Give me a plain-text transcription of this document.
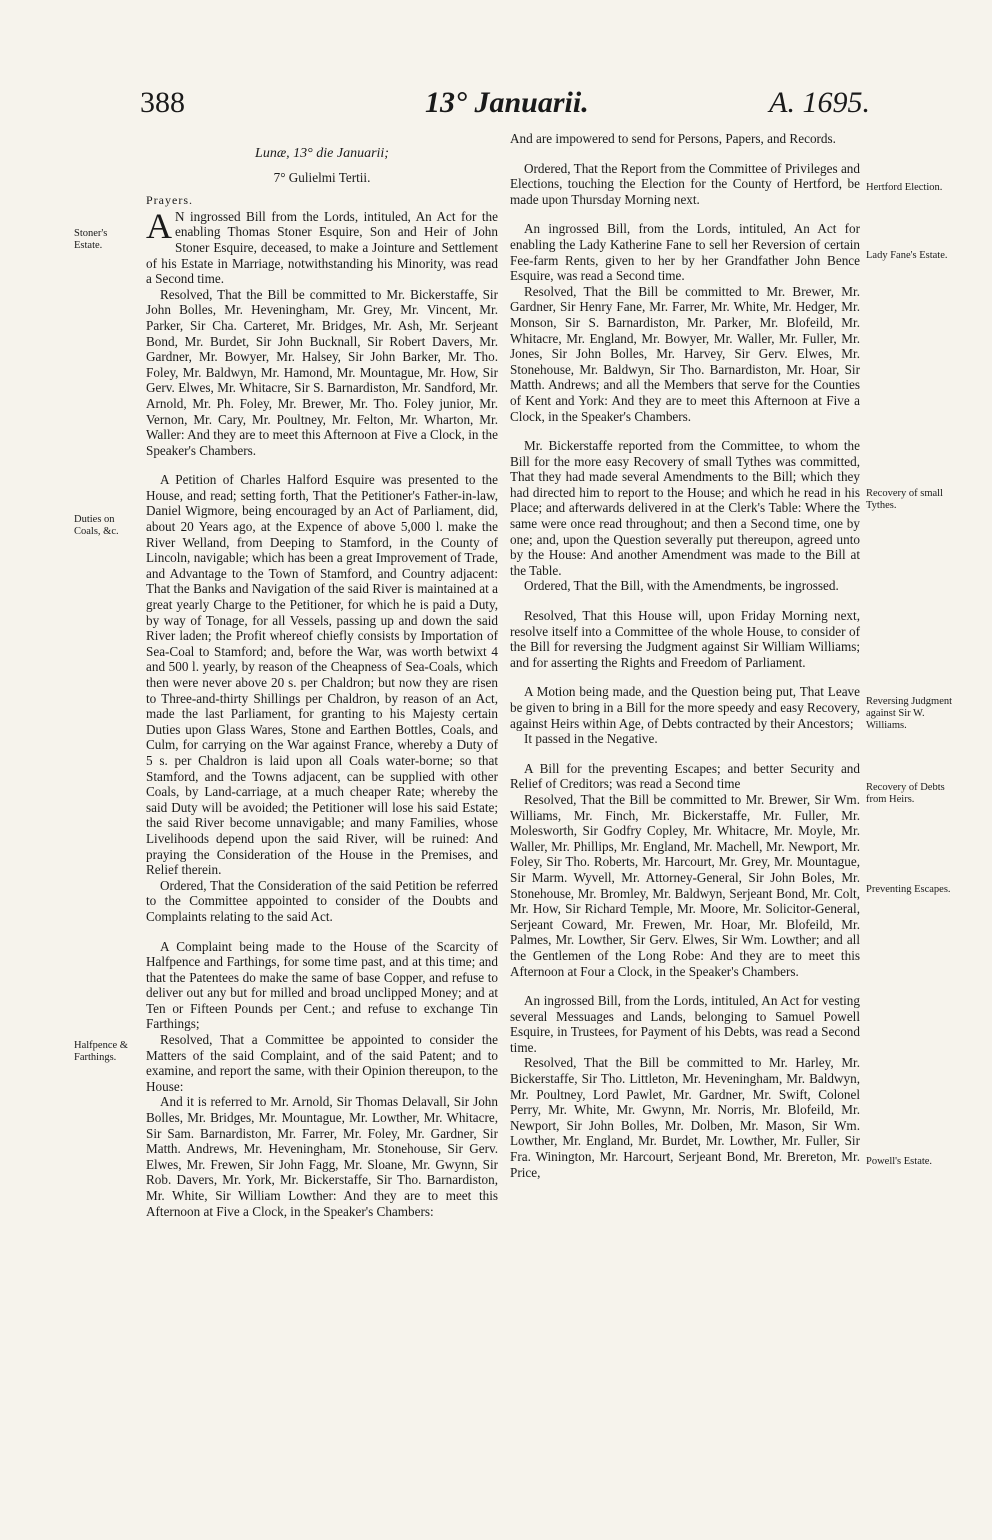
388	13° Januarii.	A. 1695.
Stoner's Estate.
Duties on Coals, &c.
Halfpence & Farthings.
Hertford Election.
Lady Fane's Estate.
Recovery of small Tythes.
Reversing Judgment against Sir W. Williams.
Recovery of Debts from Heirs.
Preventing Escapes.
Powell's Estate.

Lunæ, 13° die Januarii;

7° Gulielmi Tertii.

Prayers.

A N ingrossed Bill from the Lords, intituled, An Act for the enabling Thomas Stoner Esquire, Son and Heir of John Stoner Esquire, deceased, to make a Jointure and Settlement of his Estate in Marriage, notwithstanding his Minority, was read a Second time.

Resolved, That the Bill be committed to Mr. Bickerstaffe, Sir John Bolles, Mr. Heveningham, Mr. Grey, Mr. Vincent, Mr. Parker, Sir Cha. Carteret, Mr. Bridges, Mr. Ash, Mr. Serjeant Bond, Mr. Burdet, Sir John Bucknall, Sir Robert Davers, Mr. Gardner, Mr. Bowyer, Mr. Halsey, Sir John Barker, Mr. Tho. Foley, Mr. Baldwyn, Mr. Hamond, Mr. Mountague, Mr. How, Sir Gerv. Elwes, Mr. Whitacre, Sir S. Barnardiston, Mr. Sandford, Mr. Arnold, Mr. Ph. Foley, Mr. Brewer, Mr. Tho. Foley junior, Mr. Vernon, Mr. Cary, Mr. Poultney, Mr. Felton, Mr. Wharton, Mr. Waller: And they are to meet this Afternoon at Five a Clock, in the Speaker's Chambers.

A Petition of Charles Halford Esquire was presented to the House, and read; setting forth, That the Petitioner's Father-in-law, Daniel Wigmore, being encouraged by an Act of Parliament, did, about 20 Years ago, at the Expence of above 5,000 l. make the River Welland, from Deeping to Stamford, in the County of Lincoln, navigable; which has been a great Improvement of Trade, and Advantage to the Town of Stamford, and Country adjacent: That the Banks and Navigation of the said River is maintained at a great yearly Charge to the Petitioner, for which he is paid a Duty, by way of Tonage, for all Vessels, passing up and down the said River laden; the Profit whereof chiefly consists by Importation of Sea-Coal to Stamford; and, before the War, was worth betwixt 4 and 500 l. yearly, by reason of the Cheapness of Sea-Coals, which then were never above 20 s. per Chaldron; but now they are risen to Three-and-thirty Shillings per Chaldron, by reason of an Act, made the last Parliament, for granting to his Majesty certain Duties upon Glass Wares, Stone and Earthen Bottles, Coals, and Culm, for carrying on the War against France, whereby a Duty of 5 s. per Chaldron is laid upon all Coals water-borne; so that Stamford, and the Towns adjacent, can be supplied with other Coals, by Land-carriage, at a much cheaper Rate; whereby the said Duty will be avoided; the Petitioner will lose his said Estate; the said River become unnavigable; and many Families, whose Livelihoods depend upon the said River, will be ruined: And praying the Consideration of the House in the Premises, and Relief therein.

Ordered, That the Consideration of the said Petition be referred to the Committee appointed to consider of the Doubts and Complaints relating to the said Act.

A Complaint being made to the House of the Scarcity of Halfpence and Farthings, for some time past, and at this time; and that the Patentees do make the same of base Copper, and refuse to deliver out any but for milled and broad unclipped Money; and at Ten or Fifteen Pounds per Cent.; and refuse to exchange Tin Farthings;

Resolved, That a Committee be appointed to consider the Matters of the said Complaint, and of the said Patent; and to examine, and report the same, with their Opinion thereupon, to the House:

And it is referred to Mr. Arnold, Sir Thomas Delavall, Sir John Bolles, Mr. Bridges, Mr. Mountague, Mr. Lowther, Mr. Whitacre, Sir Sam. Barnardiston, Mr. Farrer, Mr. Foley, Mr. Gardner, Sir Matth. Andrews, Mr. Heveningham, Mr. Stonehouse, Sir Gerv. Elwes, Mr. Frewen, Sir John Fagg, Mr. Sloane, Mr. Gwynn, Sir Rob. Davers, Mr. York, Mr. Bickerstaffe, Sir Tho. Barnardiston, Mr. White, Sir William Lowther: And they are to meet this Afternoon at Five a Clock, in the Speaker's Chambers:

And are impowered to send for Persons, Papers, and Records.

Ordered, That the Report from the Committee of Privileges and Elections, touching the Election for the County of Hertford, be made upon Thursday Morning next.

An ingrossed Bill, from the Lords, intituled, An Act for enabling the Lady Katherine Fane to sell her Reversion of certain Fee-farm Rents, given to her by her Grandfather John Bence Esquire, was read a Second time.

Resolved, That the Bill be committed to Mr. Brewer, Mr. Gardner, Sir Henry Fane, Mr. Farrer, Mr. White, Mr. Hedger, Mr. Monson, Sir S. Barnardiston, Mr. Parker, Mr. Blofeild, Mr. Whitacre, Mr. England, Mr. Bowyer, Mr. Waller, Mr. Fuller, Mr. Jones, Sir John Bolles, Mr. Harvey, Sir Gerv. Elwes, Mr. Stonehouse, Mr. Baldwyn, Sir Tho. Barnardiston, Mr. Hoar, Sir Matth. Andrews; and all the Members that serve for the Counties of Kent and York: And they are to meet this Afternoon at Five a Clock, in the Speaker's Chambers.

Mr. Bickerstaffe reported from the Committee, to whom the Bill for the more easy Recovery of small Tythes was committed, That they had made several Amendments to the Bill; which they had directed him to report to the House; and which he read in his Place; and afterwards delivered in at the Clerk's Table: Where the same were once read throughout; and then a Second time, one by one; and, upon the Question severally put thereupon, agreed unto by the House: And another Amendment was made to the Bill at the Table.

Ordered, That the Bill, with the Amendments, be ingrossed.

Resolved, That this House will, upon Friday Morning next, resolve itself into a Committee of the whole House, to consider of the Bill for reversing the Judgment against Sir William Williams; and for asserting the Rights and Freedom of Parliament.

A Motion being made, and the Question being put, That Leave be given to bring in a Bill for the more speedy and easy Recovery, against Heirs within Age, of Debts contracted by their Ancestors;

It passed in the Negative.

A Bill for the preventing Escapes; and better Security and Relief of Creditors; was read a Second time

Resolved, That the Bill be committed to Mr. Brewer, Sir Wm. Williams, Mr. Finch, Mr. Bickerstaffe, Mr. Fuller, Mr. Molesworth, Sir Godfry Copley, Mr. Whitacre, Mr. Moyle, Mr. Waller, Mr. Phillips, Mr. England, Mr. Machell, Mr. Newport, Mr. Foley, Sir Tho. Roberts, Mr. Harcourt, Mr. Grey, Mr. Mountague, Sir Marm. Wyvell, Mr. Attorney-General, Sir John Boles, Mr. Stonehouse, Mr. Bromley, Mr. Baldwyn, Serjeant Bond, Mr. Colt, Mr. How, Sir Richard Temple, Mr. Moore, Mr. Solicitor-General, Serjeant Coward, Mr. Frewen, Mr. Hoar, Mr. Blofeild, Mr. Palmes, Mr. Lowther, Sir Gerv. Elwes, Sir Wm. Lowther; and all the Gentlemen of the Long Robe: And they are to meet this Afternoon at Four a Clock, in the Speaker's Chambers.

An ingrossed Bill, from the Lords, intituled, An Act for vesting several Messuages and Lands, belonging to Samuel Powell Esquire, in Trustees, for Payment of his Debts, was read a Second time.

Resolved, That the Bill be committed to Mr. Harley, Mr. Bickerstaffe, Sir Tho. Littleton, Mr. Heveningham, Mr. Baldwyn, Mr. Poultney, Lord Pawlet, Mr. Gardner, Mr. Swift, Colonel Perry, Mr. White, Mr. Gwynn, Mr. Norris, Mr. Blofeild, Mr. Newport, Sir John Bolles, Mr. Dolben, Mr. Mason, Sir Wm. Lowther, Mr. England, Mr. Burdet, Mr. Lowther, Mr. Fuller, Sir Fra. Winington, Mr. Harcourt, Serjeant Bond, Mr. Brereton, Mr. Price,
